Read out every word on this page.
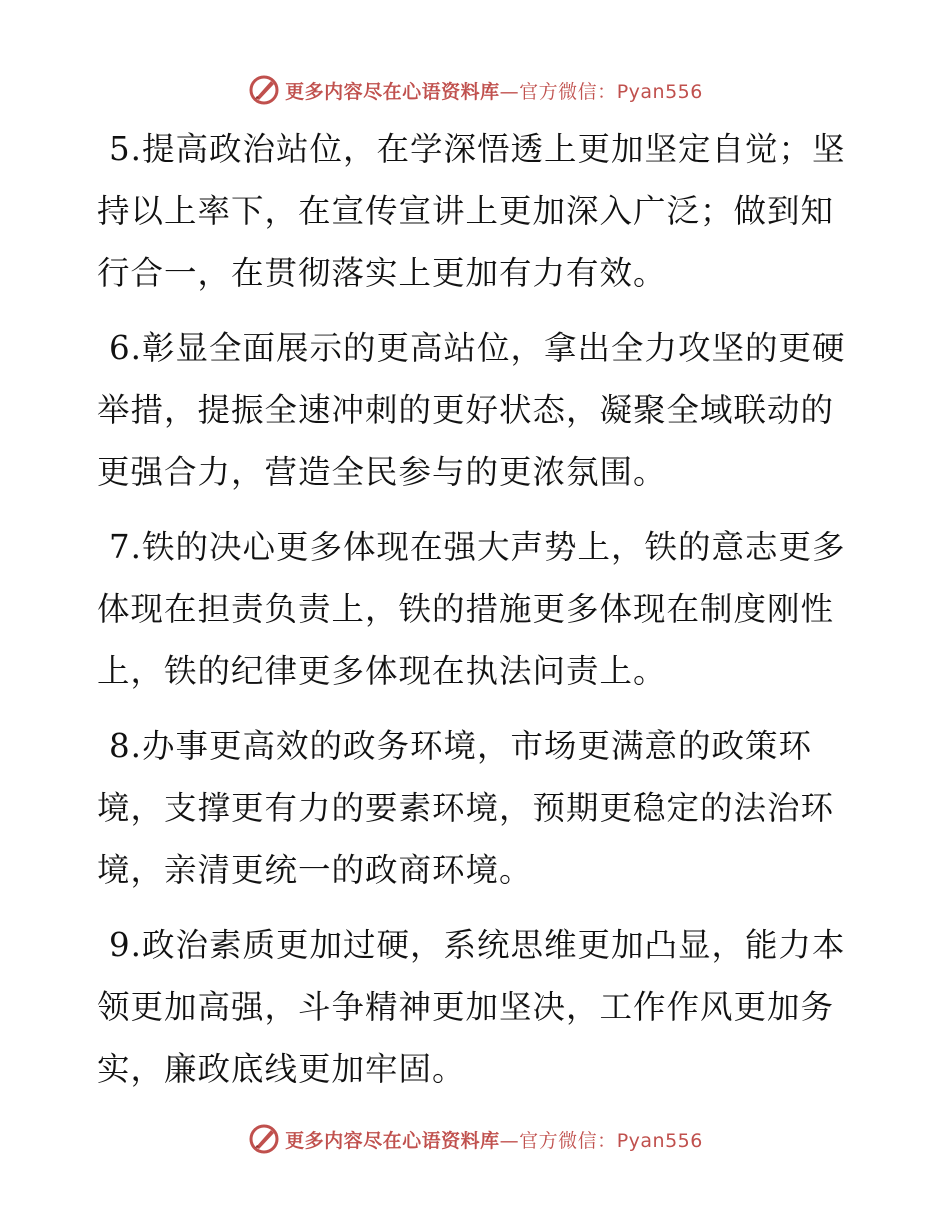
更多内容尽在心语资料库—官方微信：Pyan556

5.提高政治站位，在学深悟透上更加坚定自觉；坚持以上率下，在宣传宣讲上更加深入广泛；做到知行合一，在贯彻落实上更加有力有效。

6.彰显全面展示的更高站位，拿出全力攻坚的更硬举措，提振全速冲刺的更好状态，凝聚全域联动的更强合力，营造全民参与的更浓氛围。

7.铁的决心更多体现在强大声势上，铁的意志更多体现在担责负责上，铁的措施更多体现在制度刚性上，铁的纪律更多体现在执法问责上。

8.办事更高效的政务环境，市场更满意的政策环境，支撑更有力的要素环境，预期更稳定的法治环境，亲清更统一的政商环境。

9.政治素质更加过硬，系统思维更加凸显，能力本领更加高强，斗争精神更加坚决，工作作风更加务实，廉政底线更加牢固。

更多内容尽在心语资料库—官方微信：Pyan556
